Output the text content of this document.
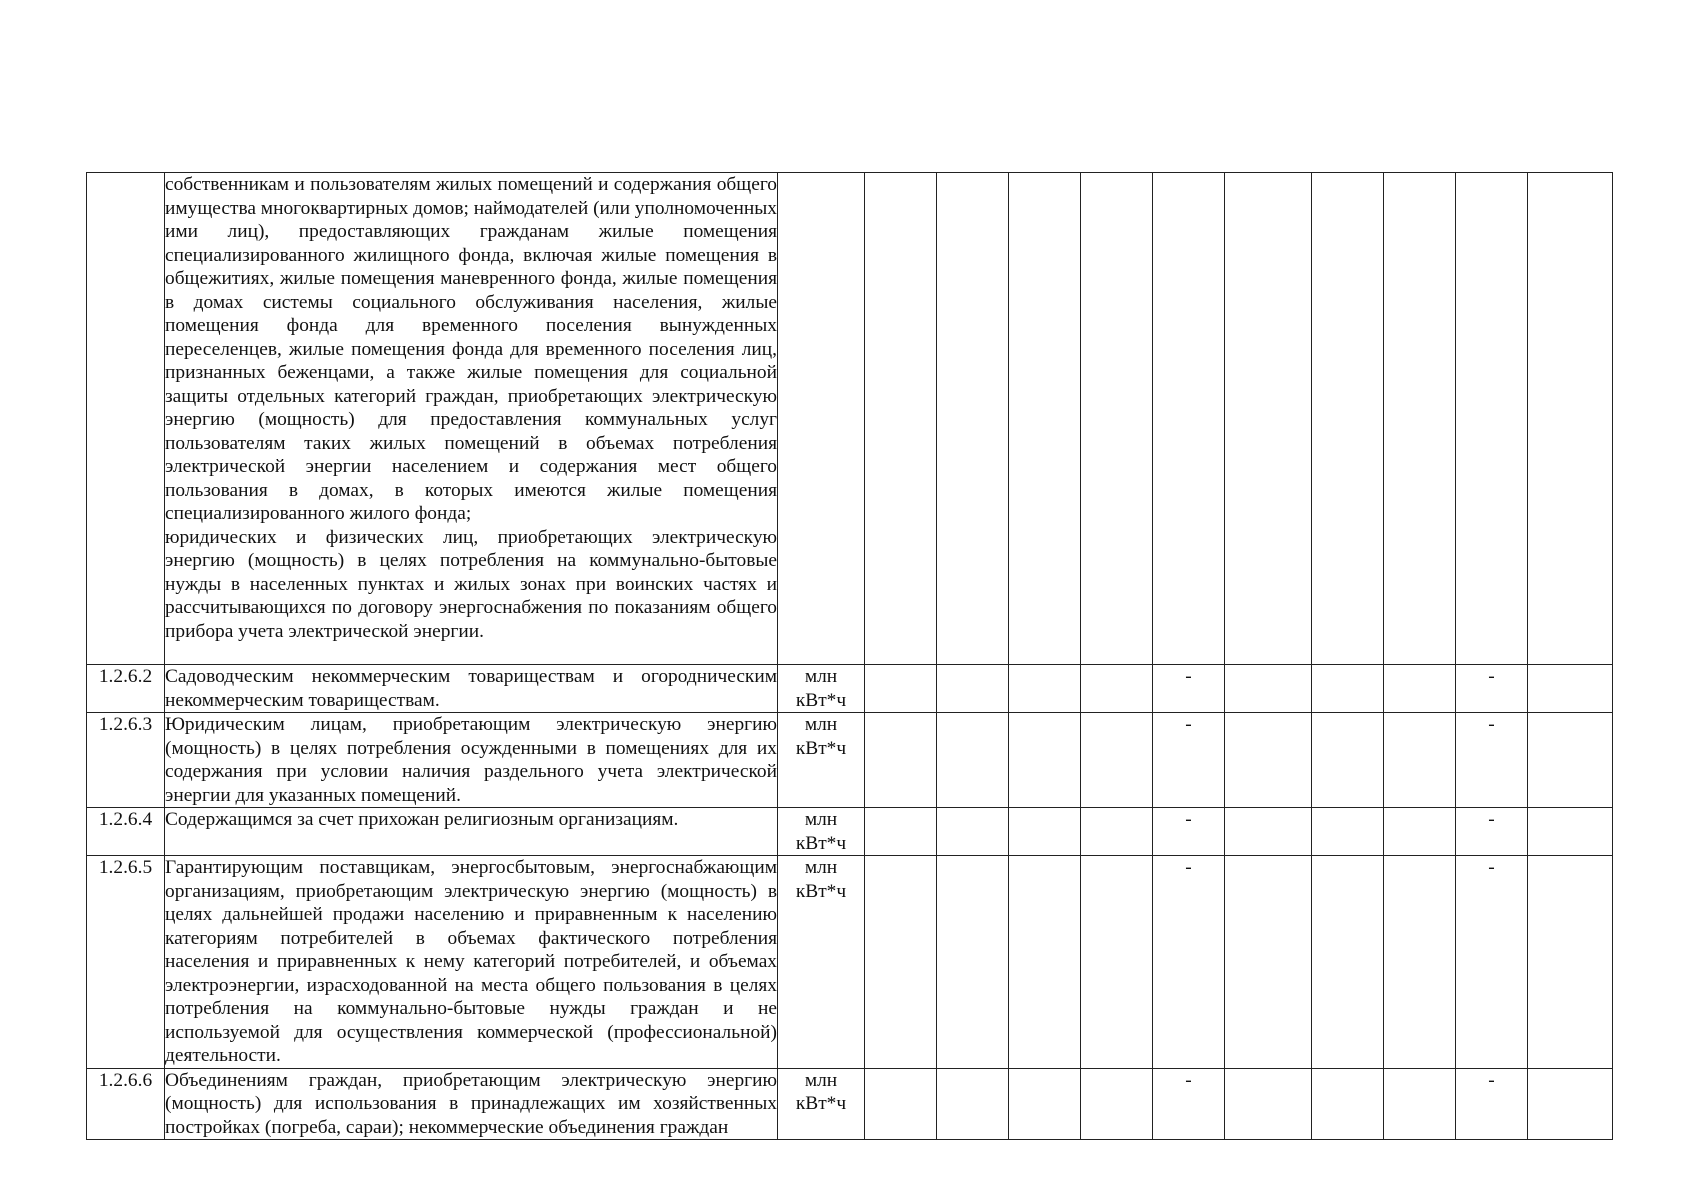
	собственникам и пользователям жилых помещений и содержания общего имущества многоквартирных домов; наймодателей (или уполномоченных ими лиц), предоставляющих гражданам жилые помещения специализированного жилищного фонда, включая жилые помещения в общежитиях, жилые помещения маневренного фонда, жилые помещения в домах системы социального обслуживания населения, жилые помещения фонда для временного поселения вынужденных переселенцев, жилые помещения фонда для временного поселения лиц, признанных беженцами, а также жилые помещения для социальной защиты отдельных категорий граждан, приобретающих электрическую энергию (мощность) для предоставления коммунальных услуг пользователям таких жилых помещений в объемах потребления электрической энергии населением и содержания мест общего пользования в домах, в которых имеются жилые помещения специализированного жилого фонда;

юридических и физических лиц, приобретающих электрическую энергию (мощность) в целях потребления на коммунально-бытовые нужды в населенных пунктах и жилых зонах при воинских частях и рассчитывающихся по договору энергоснабжения по показаниям общего прибора учета электрической энергии.											

1.2.6.2	Садоводческим некоммерческим товариществам и огородническим некоммерческим товариществам.	млн
кВт*ч					-				-	

1.2.6.3	Юридическим лицам, приобретающим электрическую энергию (мощность) в целях потребления осужденными в помещениях для их содержания при условии наличия раздельного учета электрической энергии для указанных помещений.	млн
кВт*ч					-				-	

1.2.6.4	Содержащимся за счет прихожан религиозным организациям.	млн
кВт*ч					-				-	

1.2.6.5	Гарантирующим поставщикам, энергосбытовым, энергоснабжающим организациям, приобретающим электрическую энергию (мощность) в целях дальнейшей продажи населению и приравненным к населению категориям потребителей в объемах фактического потребления населения и приравненных к нему категорий потребителей, и объемах электроэнергии, израсходованной на места общего пользования в целях потребления на коммунально-бытовые нужды граждан и не используемой для осуществления коммерческой (профессиональной) деятельности.	млн
кВт*ч					-				-	

1.2.6.6	Объединениям граждан, приобретающим электрическую энергию (мощность) для использования в принадлежащих им хозяйственных постройках (погреба, сараи); некоммерческие объединения граждан	млн
кВт*ч					-				-	
